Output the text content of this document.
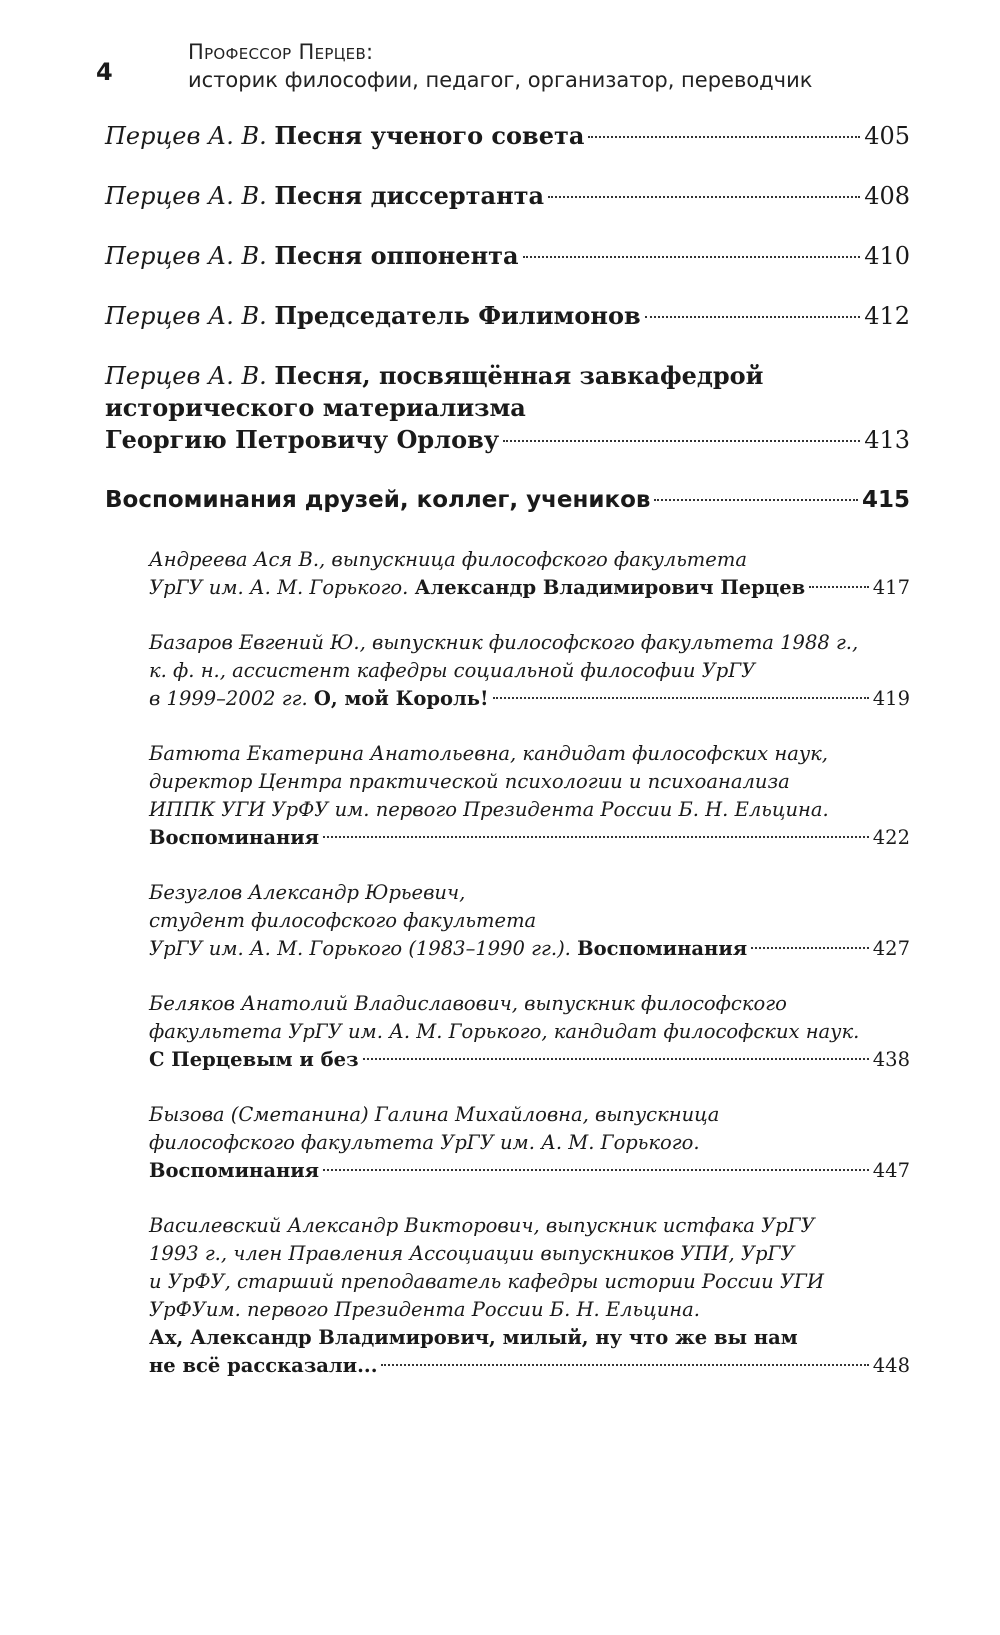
4
Профессор Перцев:
историк философии, педагог, организатор, переводчик
Перцев А. В. Песня ученого совета	405
Перцев А. В. Песня диссертанта	408
Перцев А. В. Песня оппонента	410
Перцев А. В. Председатель Филимонов	412
Перцев А. В. Песня, посвящённая завкафедрой
исторического материализма
Георгию Петровичу Орлову	413
Воспоминания друзей, коллег, учеников	415
Андреева Ася В., выпускница философского факультета
УрГУ им. А. М. Горького. Александр Владимирович Перцев	417
Базаров Евгений Ю., выпускник философского факультета 1988 г.,
к. ф. н., ассистент кафедры социальной философии УрГУ
в 1999–2002 гг. О, мой Король!	419
Батюта Екатерина Анатольевна, кандидат философских наук,
директор Центра практической психологии и психоанализа
ИППК УГИ УрФУ им. первого Президента России Б. Н. Ельцина.
Воспоминания	422
Безуглов Александр Юрьевич,
студент философского факультета
УрГУ им. А. М. Горького (1983–1990 гг.). Воспоминания	427
Беляков Анатолий Владиславович, выпускник философского
факультета УрГУ им. А. М. Горького, кандидат философских наук.
С Перцевым и без	438
Бызова (Сметанина) Галина Михайловна, выпускница
философского факультета УрГУ им. А. М. Горького.
Воспоминания	447
Василевский Александр Викторович, выпускник истфака УрГУ
1993 г., член Правления Ассоциации выпускников УПИ, УрГУ
и УрФУ, старший преподаватель кафедры истории России УГИ
УрФУим. первого Президента России Б. Н. Ельцина.
Ах, Александр Владимирович, милый, ну что же вы нам
не всё рассказали...	448
